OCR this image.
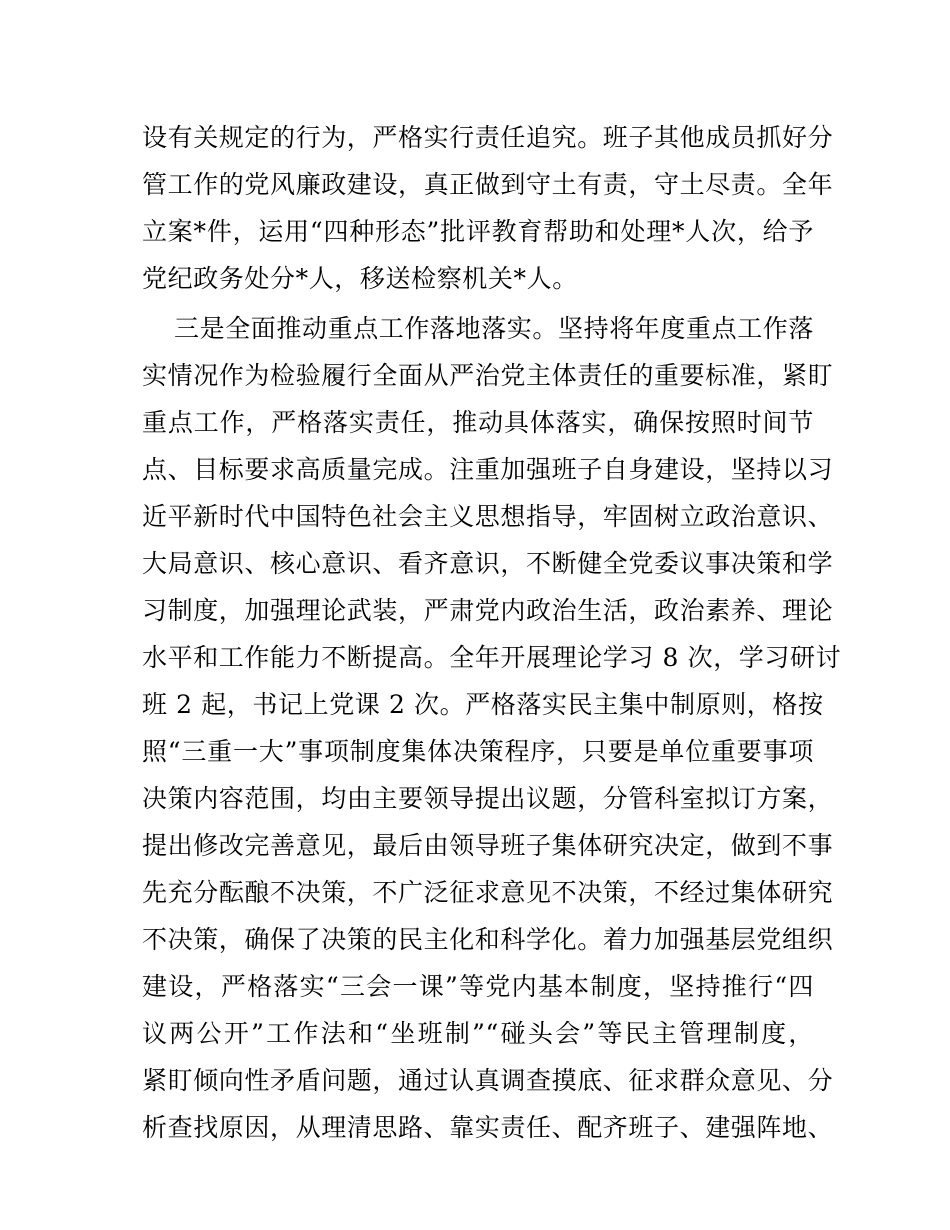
设有关规定的行为，严格实行责任追究。班子其他成员抓好分
管工作的党风廉政建设，真正做到守土有责，守土尽责。全年
立案*件，运用“四种形态”批评教育帮助和处理*人次，给予
党纪政务处分*人，移送检察机关*人。
三是全面推动重点工作落地落实。坚持将年度重点工作落
实情况作为检验履行全面从严治党主体责任的重要标准，紧盯
重点工作，严格落实责任，推动具体落实，确保按照时间节
点、目标要求高质量完成。注重加强班子自身建设，坚持以习
近平新时代中国特色社会主义思想指导，牢固树立政治意识、
大局意识、核心意识、看齐意识，不断健全党委议事决策和学
习制度，加强理论武装，严肃党内政治生活，政治素养、理论
水平和工作能力不断提高。全年开展理论学习 8 次，学习研讨
班 2 起，书记上党课 2 次。严格落实民主集中制原则，格按
照“三重一大”事项制度集体决策程序，只要是单位重要事项
决策内容范围，均由主要领导提出议题，分管科室拟订方案，
提出修改完善意见，最后由领导班子集体研究决定，做到不事
先充分酝酿不决策，不广泛征求意见不决策，不经过集体研究
不决策，确保了决策的民主化和科学化。着力加强基层党组织
建设，严格落实“三会一课”等党内基本制度，坚持推行“四
议两公开”工作法和“坐班制”“碰头会”等民主管理制度，
紧盯倾向性矛盾问题，通过认真调查摸底、征求群众意见、分
析查找原因，从理清思路、靠实责任、配齐班子、建强阵地、
